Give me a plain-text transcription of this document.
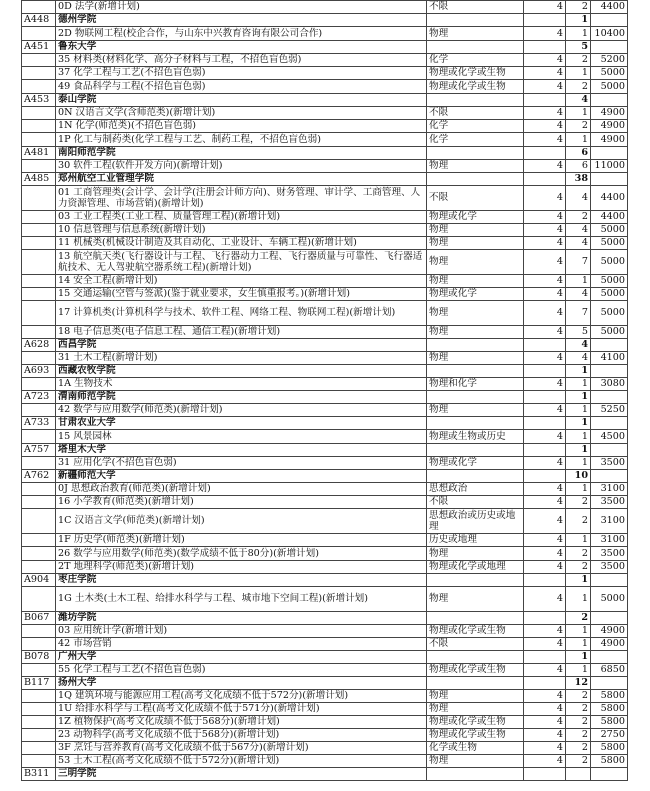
	0D 法学(新增计划)	不限	4	2	4400
A448	德州学院			1	
	2D 物联网工程(校企合作，与山东中兴教育咨询有限公司合作)	物理	4	1	10400
A451	鲁东大学			5	
	35 材料类(材料化学、高分子材料与工程，不招色盲色弱)	化学	4	2	5200
	37 化学工程与工艺(不招色盲色弱)	物理或化学或生物	4	1	5000
	49 食品科学与工程(不招色盲色弱)	物理或化学或生物	4	2	5000
A453	泰山学院			4	
	0N 汉语言文学(含师范类)(新增计划)	不限	4	1	4900
	1N 化学(师范类)(不招色盲色弱)	化学	4	2	4900
	1P 化工与制药类(化学工程与工艺、制药工程，不招色盲色弱)	化学	4	1	4900
A481	南阳师范学院			6	
	30 软件工程(软件开发方向)(新增计划)	物理	4	6	11000
A485	郑州航空工业管理学院			38	
	01 工商管理类(会计学、会计学(注册会计师方向)、财务管理、审计学、工商管理、人力资源管理、市场营销)(新增计划)	不限	4	4	4400
	03 工业工程类(工业工程、质量管理工程)(新增计划)	物理或化学	4	2	4400
	10 信息管理与信息系统(新增计划)	物理	4	4	5000
	11 机械类(机械设计制造及其自动化、工业设计、车辆工程)(新增计划)	物理	4	4	5000
	13 航空航天类(飞行器设计与工程、飞行器动力工程、飞行器质量与可靠性、飞行器适航技术、无人驾驶航空器系统工程)(新增计划)	物理	4	7	5000
	14 安全工程(新增计划)	物理	4	1	5000
	15 交通运输(空管与签派)(鉴于就业要求，女生慎重报考。)(新增计划)	物理或化学	4	4	5000
	17 计算机类(计算机科学与技术、软件工程、网络工程、物联网工程)(新增计划)	物理	4	7	5000
	18 电子信息类(电子信息工程、通信工程)(新增计划)	物理	4	5	5000
A628	西昌学院			4	
	31 土木工程(新增计划)	物理	4	4	4100
A693	西藏农牧学院			1	
	1A 生物技术	物理和化学	4	1	3080
A723	渭南师范学院			1	
	42 数学与应用数学(师范类)(新增计划)	物理	4	1	5250
A733	甘肃农业大学			1	
	15 风景园林	物理或生物或历史	4	1	4500
A757	塔里木大学			1	
	31 应用化学(不招色盲色弱)	物理或化学	4	1	3500
A762	新疆师范大学			10	
	0J 思想政治教育(师范类)(新增计划)	思想政治	4	1	3100
	16 小学教育(师范类)(新增计划)	不限	4	2	3500
	1C 汉语言文学(师范类)(新增计划)	思想政治或历史或地理	4	2	3100
	1F 历史学(师范类)(新增计划)	历史或地理	4	1	3100
	26 数学与应用数学(师范类)(数学成绩不低于80分)(新增计划)	物理	4	2	3500
	2T 地理科学(师范类)(新增计划)	物理或化学或地理	4	2	3500
A904	枣庄学院			1	
	1G 土木类(土木工程、给排水科学与工程、城市地下空间工程)(新增计划)	物理	4	1	5000
B067	潍坊学院			2	
	03 应用统计学(新增计划)	物理或化学或生物	4	1	4900
	42 市场营销	不限	4	1	4900
B078	广州大学			1	
	55 化学工程与工艺(不招色盲色弱)	物理或化学或生物	4	1	6850
B117	扬州大学			12	
	1Q 建筑环境与能源应用工程(高考文化成绩不低于572分)(新增计划)	物理	4	2	5800
	1U 给排水科学与工程(高考文化成绩不低于571分)(新增计划)	物理	4	2	5800
	1Z 植物保护(高考文化成绩不低于568分)(新增计划)	物理或化学或生物	4	2	5800
	23 动物科学(高考文化成绩不低于568分)(新增计划)	物理或化学或生物	4	2	2750
	3F 烹饪与营养教育(高考文化成绩不低于567分)(新增计划)	化学或生物	4	2	5800
	53 土木工程(高考文化成绩不低于572分)(新增计划)	物理	4	2	5800
B311	三明学院				
